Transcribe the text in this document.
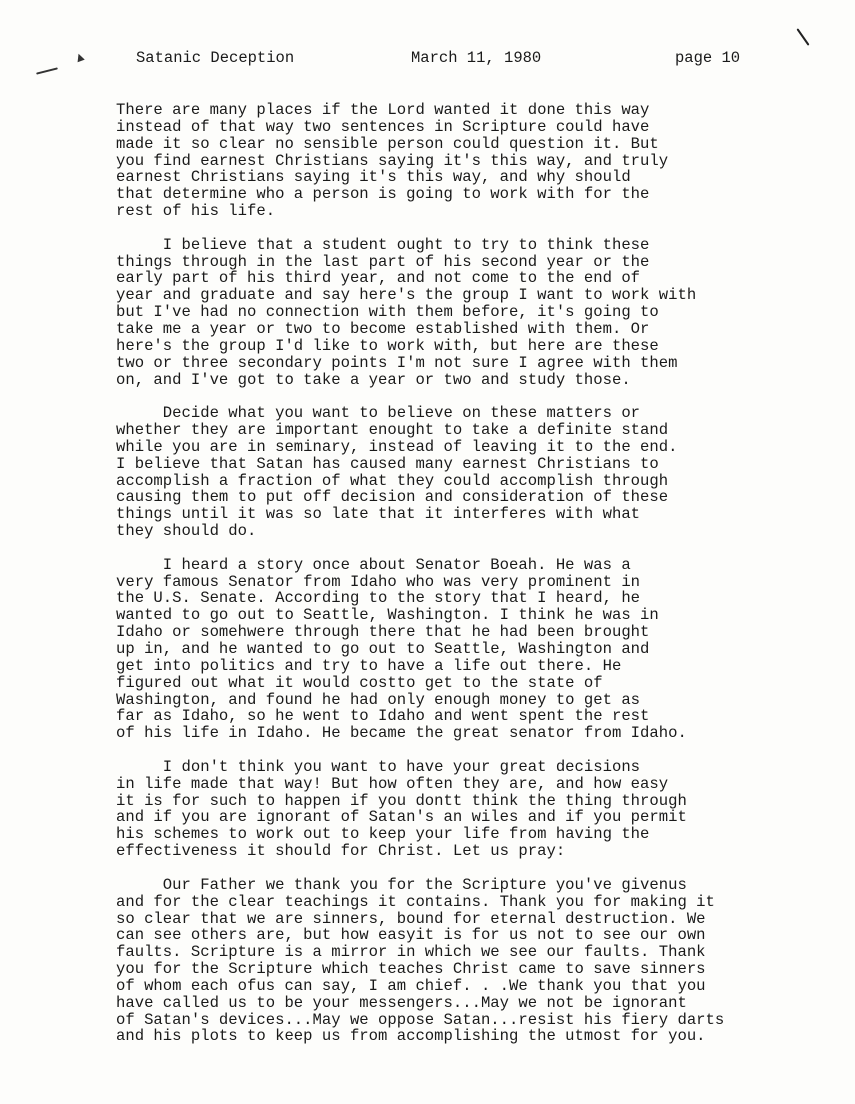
▲	Satanic Deception	March 11, 1980	page 10
There are many places if the Lord wanted it done this way
instead of that way two sentences in Scripture could have
made it so clear no sensible person could question it. But
you find earnest Christians saying it's this way, and truly
earnest Christians saying it's this way, and why should
that determine who a person is going to work with for the
rest of his life.
I believe that a student ought to try to think these
things through in the last part of his second year or the
early part of his third year, and not come to the end of
year and graduate and say here's the group I want to work with
but I've had no connection with them before, it's going to
take me a year or two to become established with them. Or
here's the group I'd like to work with, but here are these
two or three secondary points I'm not sure I agree with them
on, and I've got to take a year or two and study those.
Decide what you want to believe on these matters or
whether they are important enought to take a definite stand
while you are in seminary, instead of leaving it to the end.
I believe that Satan has caused many earnest Christians to
accomplish a fraction of what they could accomplish through
causing them to put off decision and consideration of these
things until it was so late that it interferes with what
they should do.
I heard a story once about Senator Boeah. He was a
very famous Senator from Idaho who was very prominent in
the U.S. Senate. According to the story that I heard, he
wanted to go out to Seattle, Washington. I think he was in
Idaho or somehwere through there that he had been brought
up in, and he wanted to go out to Seattle, Washington and
get into politics and try to have a life out there. He
figured out what it would costto get to the state of
Washington, and found he had only enough money to get as
far as Idaho, so he went to Idaho and went spent the rest
of his life in Idaho. He became the great senator from Idaho.
I don't think you want to have your great decisions
in life made that way! But how often they are, and how easy
it is for such to happen if you dontt think the thing through
and if you are ignorant of Satan's an wiles and if you permit
his schemes to work out to keep your life from having the
effectiveness it should for Christ. Let us pray:
Our Father we thank you for the Scripture you've givenus
and for the clear teachings it contains. Thank you for making it
so clear that we are sinners, bound for eternal destruction. We
can see others are, but how easyit is for us not to see our own
faults. Scripture is a mirror in which we see our faults. Thank
you for the Scripture which teaches Christ came to save sinners
of whom each ofus can say, I am chief. . .We thank you that you
have called us to be your messengers...May we not be ignorant
of Satan's devices...May we oppose Satan...resist his fiery darts
and his plots to keep us from accomplishing the utmost for you.
